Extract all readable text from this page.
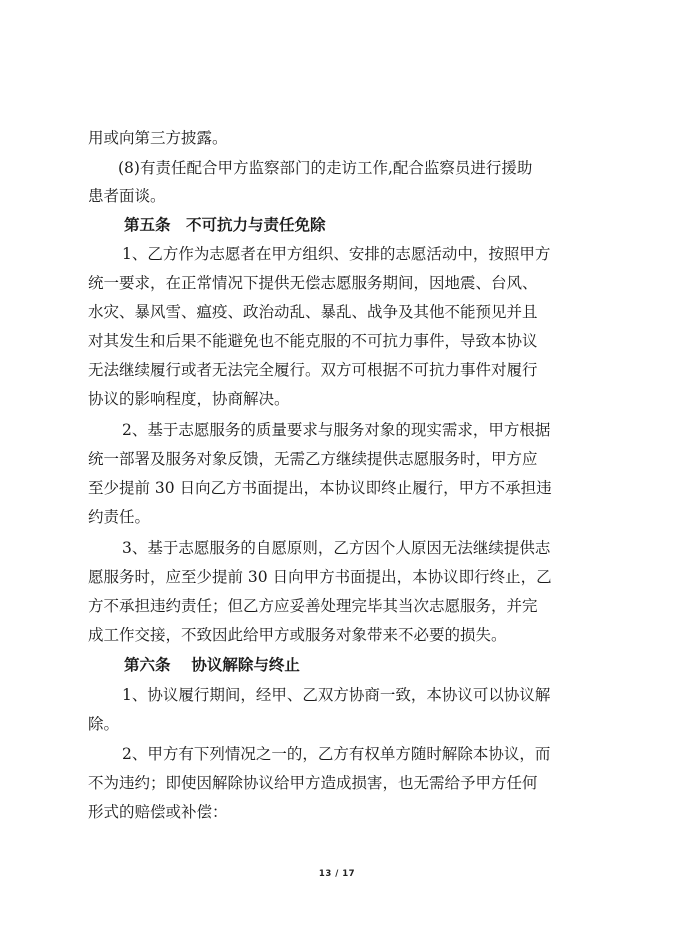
用或向第三方披露。
(8)有责任配合甲方监察部门的走访工作,配合监察员进行援助
患者面谈。
第五条　不可抗力与责任免除
1、乙方作为志愿者在甲方组织、安排的志愿活动中，按照甲方
统一要求，在正常情况下提供无偿志愿服务期间，因地震、台风、
水灾、暴风雪、瘟疫、政治动乱、暴乱、战争及其他不能预见并且
对其发生和后果不能避免也不能克服的不可抗力事件，导致本协议
无法继续履行或者无法完全履行。双方可根据不可抗力事件对履行
协议的影响程度，协商解决。
2、基于志愿服务的质量要求与服务对象的现实需求，甲方根据
统一部署及服务对象反馈，无需乙方继续提供志愿服务时，甲方应
至少提前 30 日向乙方书面提出，本协议即终止履行，甲方不承担违
约责任。
3、基于志愿服务的自愿原则，乙方因个人原因无法继续提供志
愿服务时，应至少提前 30 日向甲方书面提出，本协议即行终止，乙
方不承担违约责任；但乙方应妥善处理完毕其当次志愿服务，并完
成工作交接，不致因此给甲方或服务对象带来不必要的损失。
第六条　 协议解除与终止
1、协议履行期间，经甲、乙双方协商一致，本协议可以协议解
除。
2、甲方有下列情况之一的，乙方有权单方随时解除本协议，而
不为违约；即使因解除协议给甲方造成损害，也无需给予甲方任何
形式的赔偿或补偿：
13 / 17
